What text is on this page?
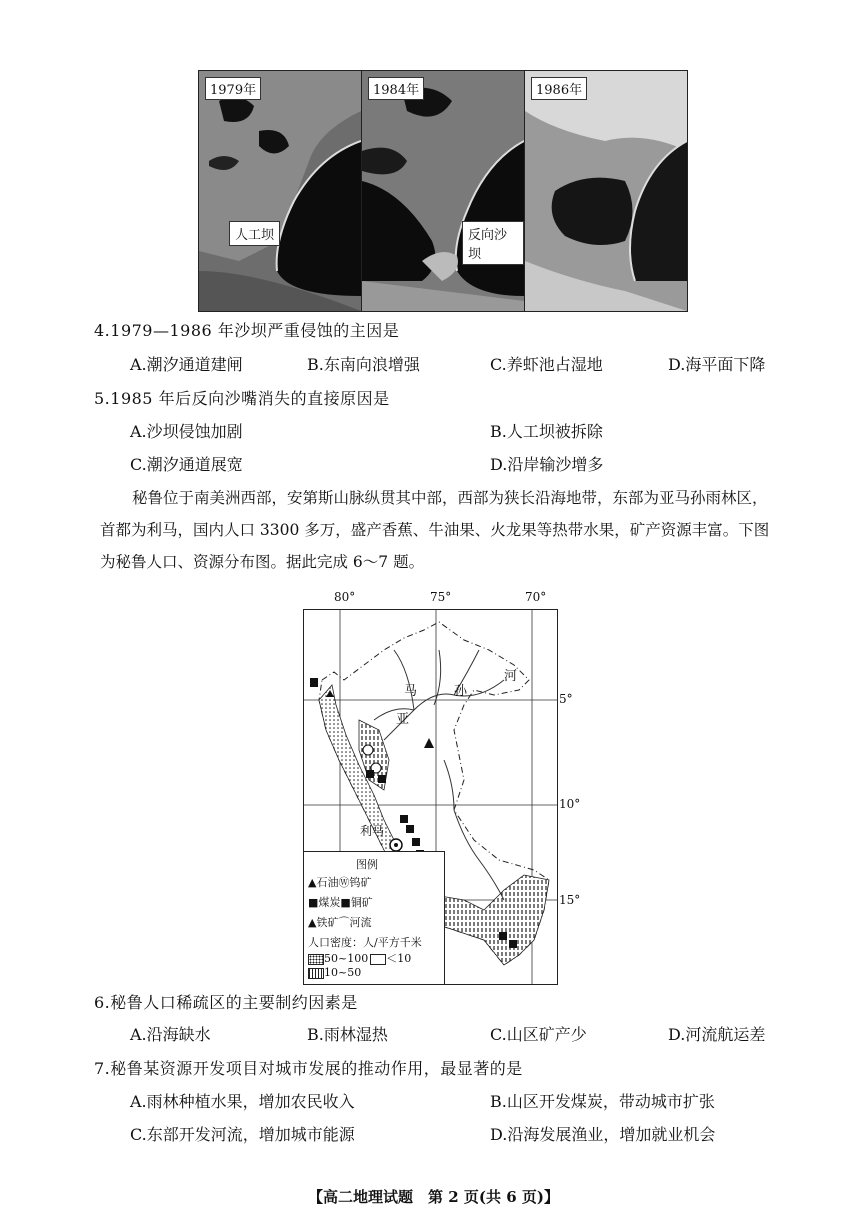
1979年
人工坝
1984年
反向沙坝
1986年
4.1979—1986 年沙坝严重侵蚀的主因是
A.潮汐通道建闸	B.东南向浪增强	C.养虾池占湿地	D.海平面下降
5.1985 年后反向沙嘴消失的直接原因是
A.沙坝侵蚀加剧	B.人工坝被拆除
C.潮汐通道展宽	D.沿岸输沙增多
秘鲁位于南美洲西部，安第斯山脉纵贯其中部，西部为狭长沿海地带，东部为亚马孙雨林区，首都为利马，国内人口 3300 多万，盛产香蕉、牛油果、火龙果等热带水果，矿产资源丰富。下图为秘鲁人口、资源分布图。据此完成 6～7 题。
80°	75°	70°
5°
10°
15°
马
亚
孙
河
利马
图例
▲石油Ⓦ钨矿
■煤炭■铜矿
▲铁矿⌒河流
人口密度：人/平方千米
50~100 ＜10
10~50
6.秘鲁人口稀疏区的主要制约因素是
A.沿海缺水	B.雨林湿热	C.山区矿产少	D.河流航运差
7.秘鲁某资源开发项目对城市发展的推动作用，最显著的是
A.雨林种植水果，增加农民收入	B.山区开发煤炭，带动城市扩张
C.东部开发河流，增加城市能源	D.沿海发展渔业，增加就业机会
【高二地理试题　第 2 页(共 6 页)】
